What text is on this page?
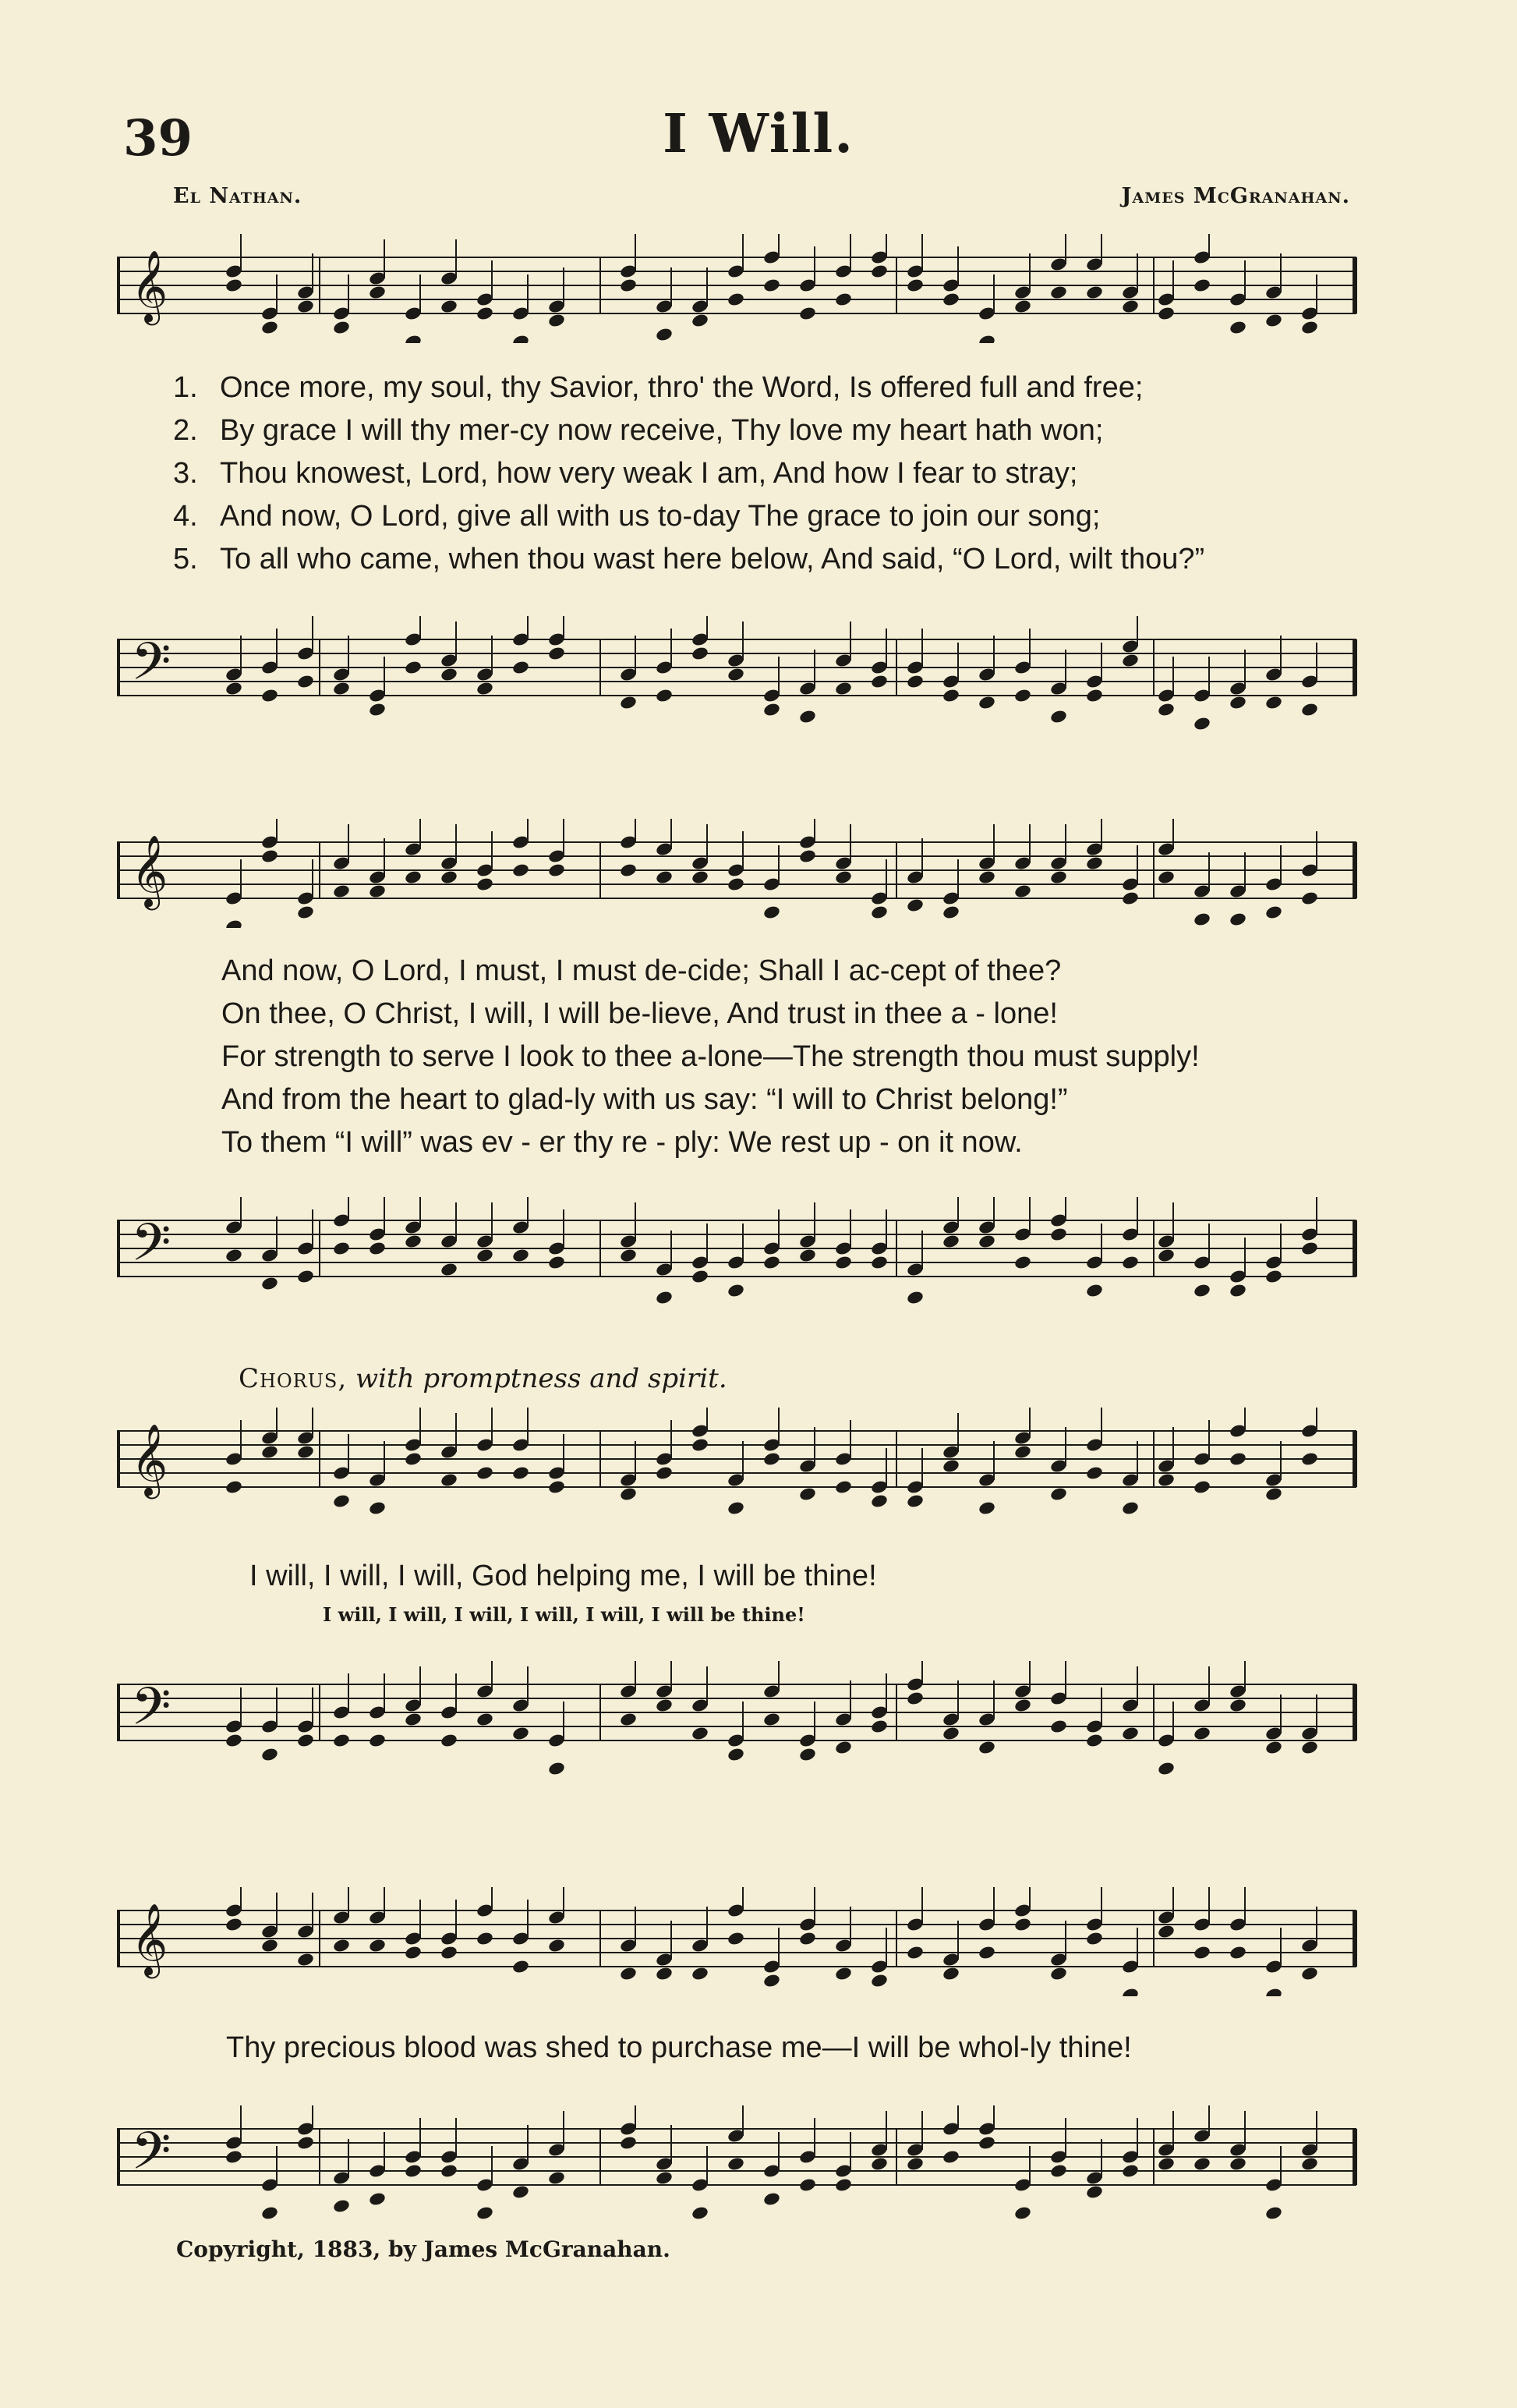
39	I Will.
El Nathan.	James McGranahan.
𝄞
1. Once more, my soul, thy Savior, thro' the Word, Is offered full and free;
2. By grace I will thy mer-cy now receive, Thy love my heart hath won;
3. Thou knowest, Lord, how very weak I am, And how I fear to stray;
4. And now, O Lord, give all with us to-day The grace to join our song;
5. To all who came, when thou wast here below, And said, “O Lord, wilt thou?”
𝄢
𝄞
And now, O Lord, I must, I must de-cide; Shall I ac-cept of thee?
On thee, O Christ, I will, I will be-lieve, And trust in thee a - lone!
For strength to serve I look to thee a-lone—The strength thou must supply!
And from the heart to glad-ly with us say: “I will to Christ belong!”
To them “I will” was ev - er thy re - ply: We rest up - on it now.
𝄢
Chorus, with promptness and spirit.
𝄞
I will, I will, I will, God helping me, I will be thine!
I will, I will, I will, I will, I will, I will be thine!
𝄢
𝄞
Thy precious blood was shed to purchase me—I will be whol-ly thine!
𝄢
Copyright, 1883, by James McGranahan.
